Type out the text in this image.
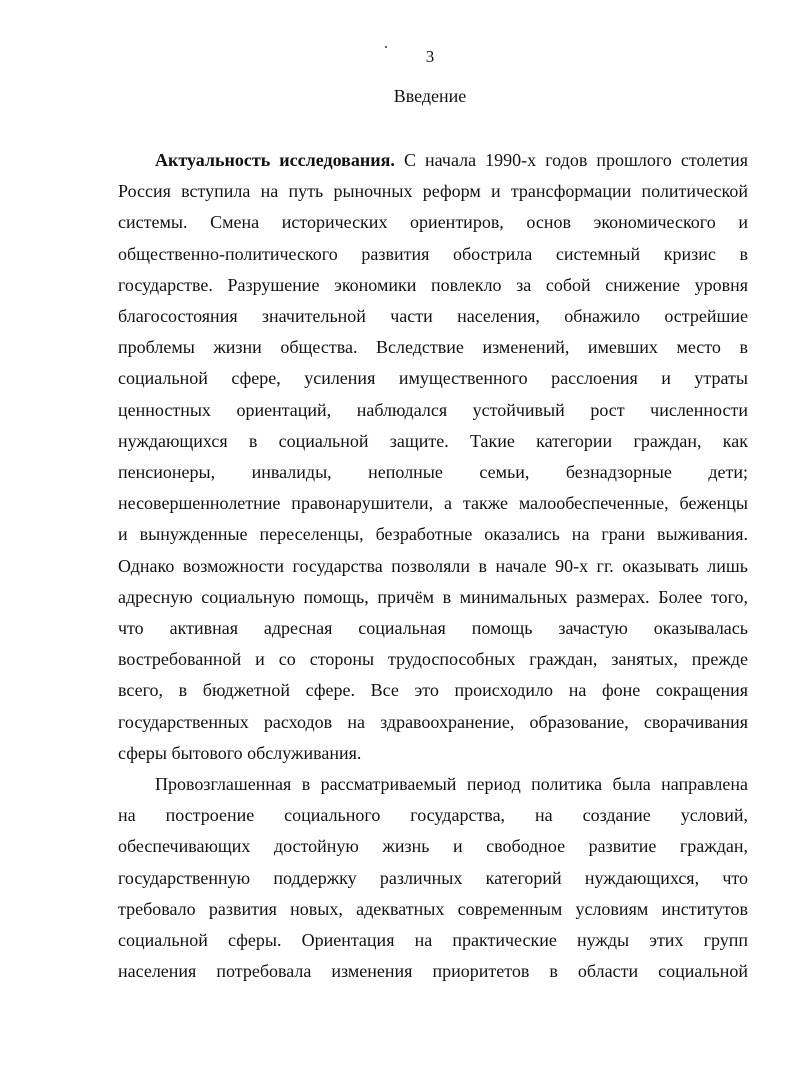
3
Введение
Актуальность исследования. С начала 1990-х годов прошлого столетия
Россия вступила на путь рыночных реформ и трансформации политической
системы. Смена исторических ориентиров, основ экономического и
общественно-политического развития обострила системный кризис в
государстве. Разрушение экономики повлекло за собой снижение уровня
благосостояния значительной части населения, обнажило острейшие
проблемы жизни общества. Вследствие изменений, имевших место в
социальной сфере, усиления имущественного расслоения и утраты
ценностных ориентаций, наблюдался устойчивый рост численности
нуждающихся в социальной защите. Такие категории граждан, как
пенсионеры, инвалиды, неполные семьи, безнадзорные дети;
несовершеннолетние правонарушители, а также малообеспеченные, беженцы
и вынужденные переселенцы, безработные оказались на грани выживания.
Однако возможности государства позволяли в начале 90-х гг. оказывать лишь
адресную социальную помощь, причём в минимальных размерах. Более того,
что активная адресная социальная помощь зачастую оказывалась
востребованной и со стороны трудоспособных граждан, занятых, прежде
всего, в бюджетной сфере. Все это происходило на фоне сокращения
государственных расходов на здравоохранение, образование, сворачивания
сферы бытового обслуживания.
Провозглашенная в рассматриваемый период политика была направлена
на построение социального государства, на создание условий,
обеспечивающих достойную жизнь и свободное развитие граждан,
государственную поддержку различных категорий нуждающихся, что
требовало развития новых, адекватных современным условиям институтов
социальной сферы. Ориентация на практические нужды этих групп
населения потребовала изменения приоритетов в области социальной
